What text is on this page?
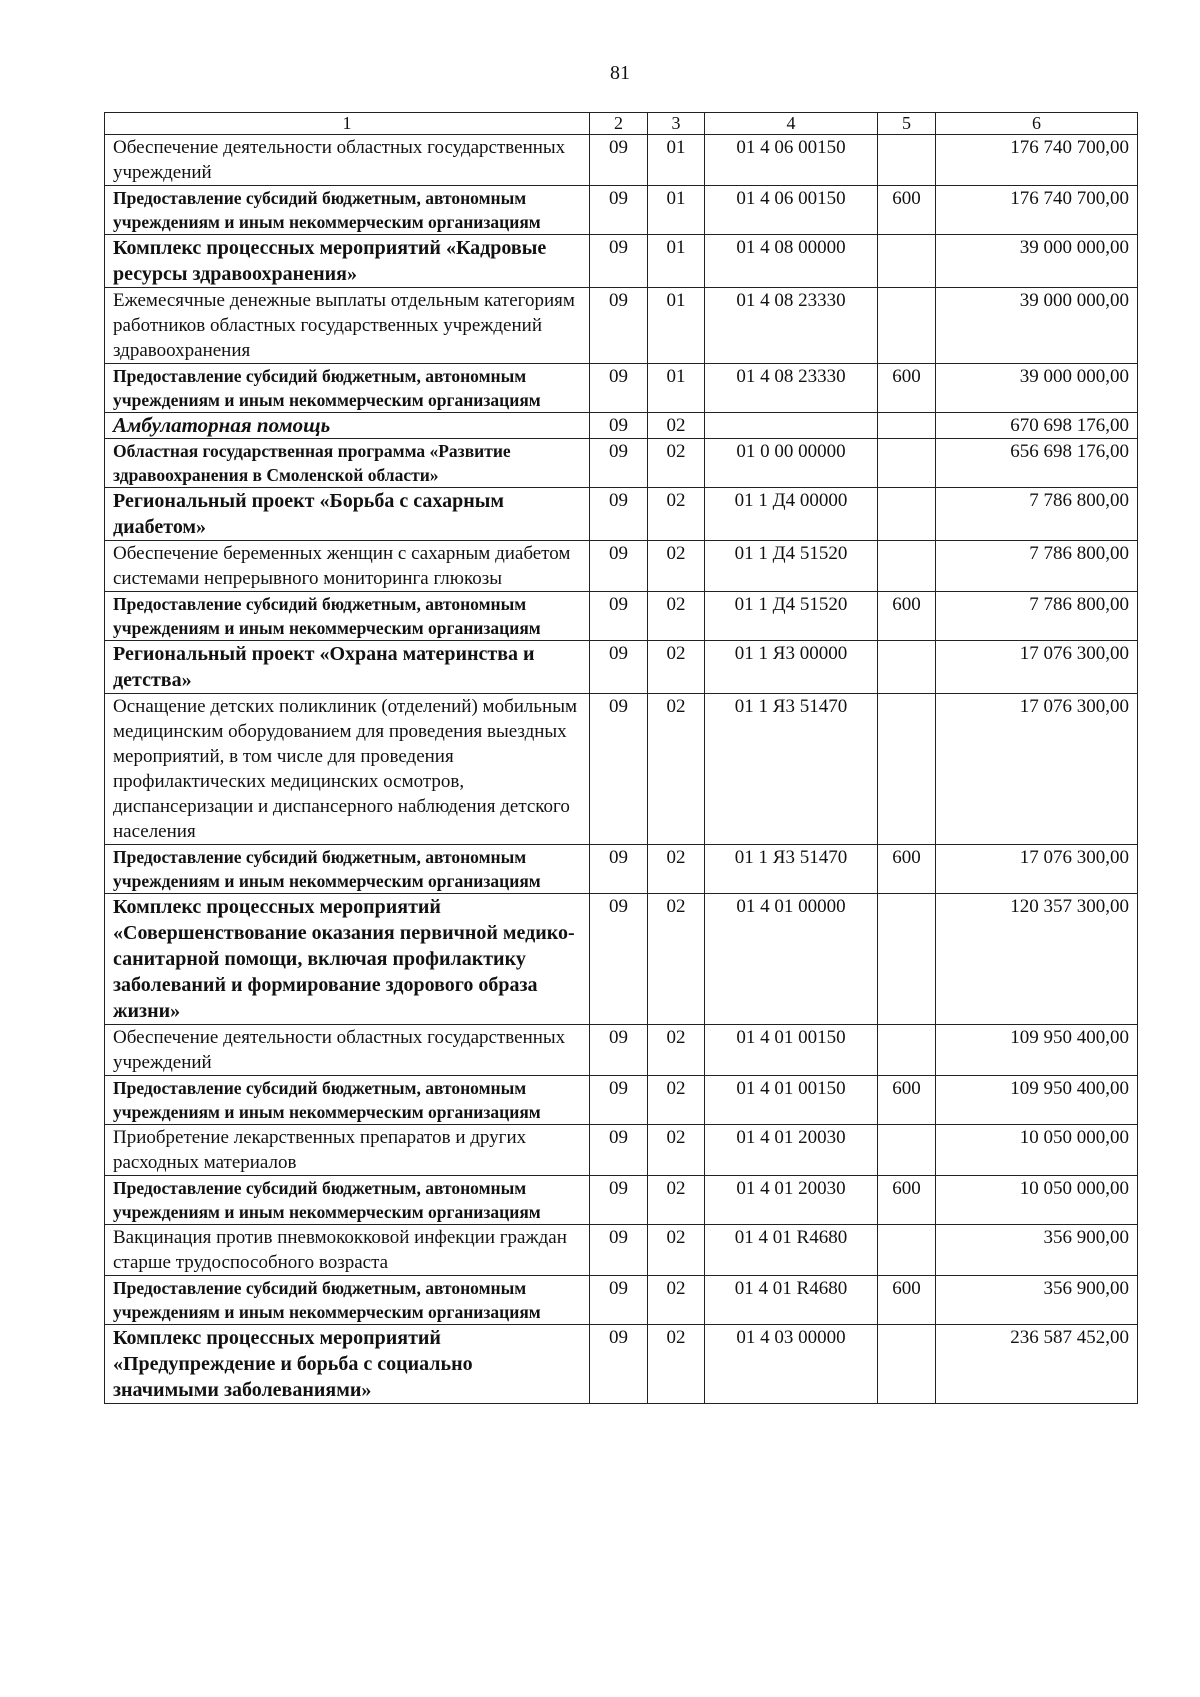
81
1	2	3	4	5	6
Обеспечение деятельности областных государственных учреждений	09	01	01 4 06 00150		176 740 700,00
Предоставление субсидий бюджетным, автономным учреждениям и иным некоммерческим организациям	09	01	01 4 06 00150	600	176 740 700,00
Комплекс процессных мероприятий «Кадровые ресурсы здравоохранения»	09	01	01 4 08 00000		39 000 000,00
Ежемесячные денежные выплаты отдельным категориям работников областных государственных учреждений здравоохранения	09	01	01 4 08 23330		39 000 000,00
Предоставление субсидий бюджетным, автономным учреждениям и иным некоммерческим организациям	09	01	01 4 08 23330	600	39 000 000,00
Амбулаторная помощь	09	02			670 698 176,00
Областная государственная программа «Развитие здравоохранения в Смоленской области»	09	02	01 0 00 00000		656 698 176,00
Региональный проект «Борьба с сахарным диабетом»	09	02	01 1 Д4 00000		7 786 800,00
Обеспечение беременных женщин с сахарным диабетом системами непрерывного мониторинга глюкозы	09	02	01 1 Д4 51520		7 786 800,00
Предоставление субсидий бюджетным, автономным учреждениям и иным некоммерческим организациям	09	02	01 1 Д4 51520	600	7 786 800,00
Региональный проект «Охрана материнства и детства»	09	02	01 1 Я3 00000		17 076 300,00
Оснащение детских поликлиник (отделений) мобильным медицинским оборудованием для проведения выездных мероприятий, в том числе для проведения профилактических медицинских осмотров, диспансеризации и диспансерного наблюдения детского населения	09	02	01 1 Я3 51470		17 076 300,00
Предоставление субсидий бюджетным, автономным учреждениям и иным некоммерческим организациям	09	02	01 1 Я3 51470	600	17 076 300,00
Комплекс процессных мероприятий «Совершенствование оказания первичной медико-санитарной помощи, включая профилактику заболеваний и формирование здорового образа жизни»	09	02	01 4 01 00000		120 357 300,00
Обеспечение деятельности областных государственных учреждений	09	02	01 4 01 00150		109 950 400,00
Предоставление субсидий бюджетным, автономным учреждениям и иным некоммерческим организациям	09	02	01 4 01 00150	600	109 950 400,00
Приобретение лекарственных препаратов и других расходных материалов	09	02	01 4 01 20030		10 050 000,00
Предоставление субсидий бюджетным, автономным учреждениям и иным некоммерческим организациям	09	02	01 4 01 20030	600	10 050 000,00
Вакцинация против пневмококковой инфекции граждан старше трудоспособного возраста	09	02	01 4 01 R4680		356 900,00
Предоставление субсидий бюджетным, автономным учреждениям и иным некоммерческим организациям	09	02	01 4 01 R4680	600	356 900,00
Комплекс процессных мероприятий «Предупреждение и борьба с социально значимыми заболеваниями»	09	02	01 4 03 00000		236 587 452,00
